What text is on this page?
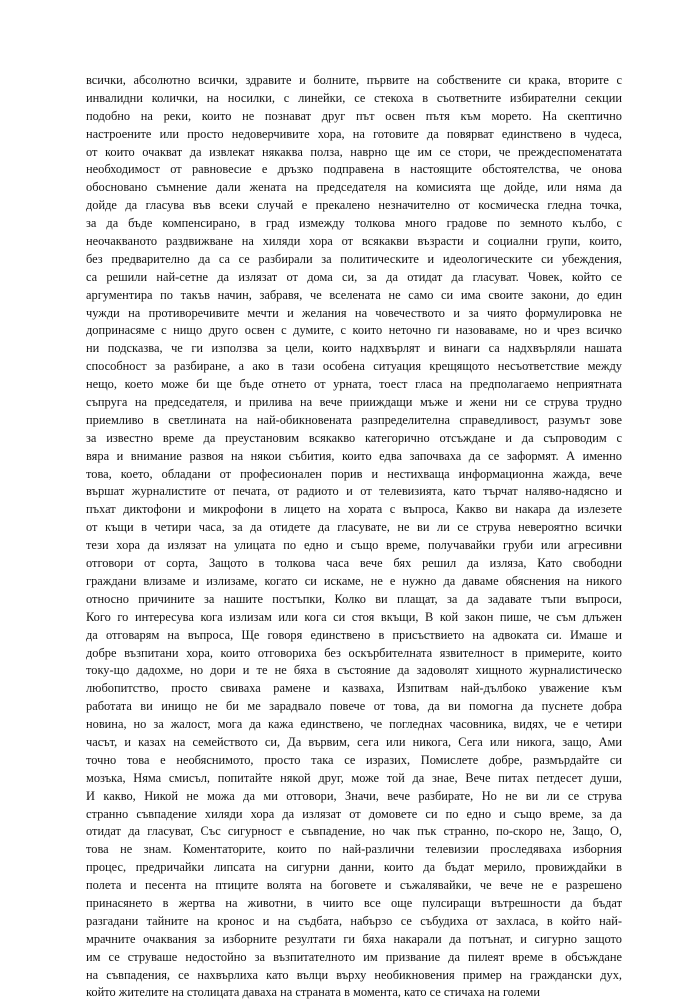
всички, абсолютно всички, здравите и болните, първите на собствените си крака, вторите с
инвалидни колички, на носилки, с линейки, се стекоха в съответните избирателни секции
подобно на реки, които не познават друг път освен пътя към морето. На скептично
настроените или просто недоверчивите хора, на готовите да повярват единствено в чудеса,
от които очакват да извлекат някаква полза, наврно ще им се стори, че преждеспоменатата
необходимост от равновесие е дръзко подправена в настоящите обстоятелства, че онова
обосновано съмнение дали жената на председателя на комисията ще дойде, или няма да
дойде да гласува във всеки случай е прекалено незначително от космическа гледна точка,
за да бъде компенсирано, в град измежду толкова много градове по земното кълбо, с
неочакваното раздвижване на хиляди хора от всякакви възрасти и социални групи, които,
без предварително да са се разбирали за политическите и идеологическите си убеждения,
са решили най-сетне да излязат от дома си, за да отидат да гласуват. Човек, който се
аргументира по такъв начин, забравя, че вселената не само си има своите закони, до един
чужди на противоречивите мечти и желания на човечеството и за чиято формулировка не
допринасяме с нищо друго освен с думите, с които неточно ги назоваваме, но и чрез всичко
ни подсказва, че ги използва за цели, които надхвърлят и винаги са надхвърляли нашата
способност за разбиране, а ако в тази особена ситуация крещящото несъответствие между
нещо, което може би ще бъде отнето от урната, тоест гласа на предполагаемо неприятната
съпруга на председателя, и прилива на вече прииждащи мъже и жени ни се струва трудно
приемливо в светлината на най-обикновената разпределителна справедливост, разумът зове
за известно време да преустановим всякакво категорично отсъждане и да съпроводим с
вяра и внимание развоя на някои събития, които едва започваха да се заформят. А именно
това, което, обладани от професионален порив и нестихваща информационна жажда, вече
вършат журналистите от печата, от радиото и от телевизията, като търчат наляво-надясно и
пъхат диктофони и микрофони в лицето на хората с въпроса, Какво ви накара да излезете
от къщи в четири часа, за да отидете да гласувате, не ви ли се струва невероятно всички
тези хора да излязат на улицата по едно и също време, получавайки груби или агресивни
отговори от сорта, Защото в толкова часа вече бях решил да изляза, Като свободни
граждани влизаме и излизаме, когато си искаме, не е нужно да даваме обяснения на никого
относно причините за нашите постъпки, Колко ви плащат, за да задавате тъпи въпроси,
Кого го интересува кога излизам или кога си стоя вкъщи, В кой закон пише, че съм длъжен
да отговарям на въпроса, Ще говоря единствено в присъствието на адвоката си. Имаше и
добре възпитани хора, които отговориха без оскърбителната язвителност в примерите, които
току-що дадохме, но дори и те не бяха в състояние да задоволят хищното журналистическо
любопитство, просто свиваха рамене и казваха, Изпитвам най-дълбоко уважение към
работата ви инищо не би ме зарадвало повече от това, да ви помогна да пуснете добра
новина, но за жалост, мога да кажа единствено, че погледнах часовника, видях, че е четири
часът, и казах на семейството си, Да вървим, сега или никога, Сега или никога, защо, Ами
точно това е необяснимото, просто така се изразих, Помислете добре, размърдайте си
мозъка, Няма смисъл, попитайте някой друг, може той да знае, Вече питах петдесет души,
И какво, Никой не можа да ми отговори, Значи, вече разбирате, Но не ви ли се струва
странно съвпадение хиляди хора да излязат от домовете си по едно и също време, за да
отидат да гласуват, Със сигурност е съвпадение, но чак пък странно, по-скоро не, Защо, О,
това не знам. Коментаторите, които по най-различни телевизии проследяваха изборния
процес, предричайки липсата на сигурни данни, които да бъдат мерило, провиждайки в
полета и песента на птиците волята на боговете и съжалявайки, че вече не е разрешено
принасянето в жертва на животни, в чиито все още пулсиращи вътрешности да бъдат
разгадани тайните на кронос и на съдбата, набързо се събудиха от захласа, в който най-
мрачните очаквания за изборните резултати ги бяха накарали да потънат, и сигурно защото
им се струваше недостойно за възпитателното им призвание да пилеят време в обсъждане
на съвпадения, се нахвърлиха като вълци върху необикновения пример на граждански дух,
който жителите на столицата даваха на страната в момента, като се стичаха на големи
